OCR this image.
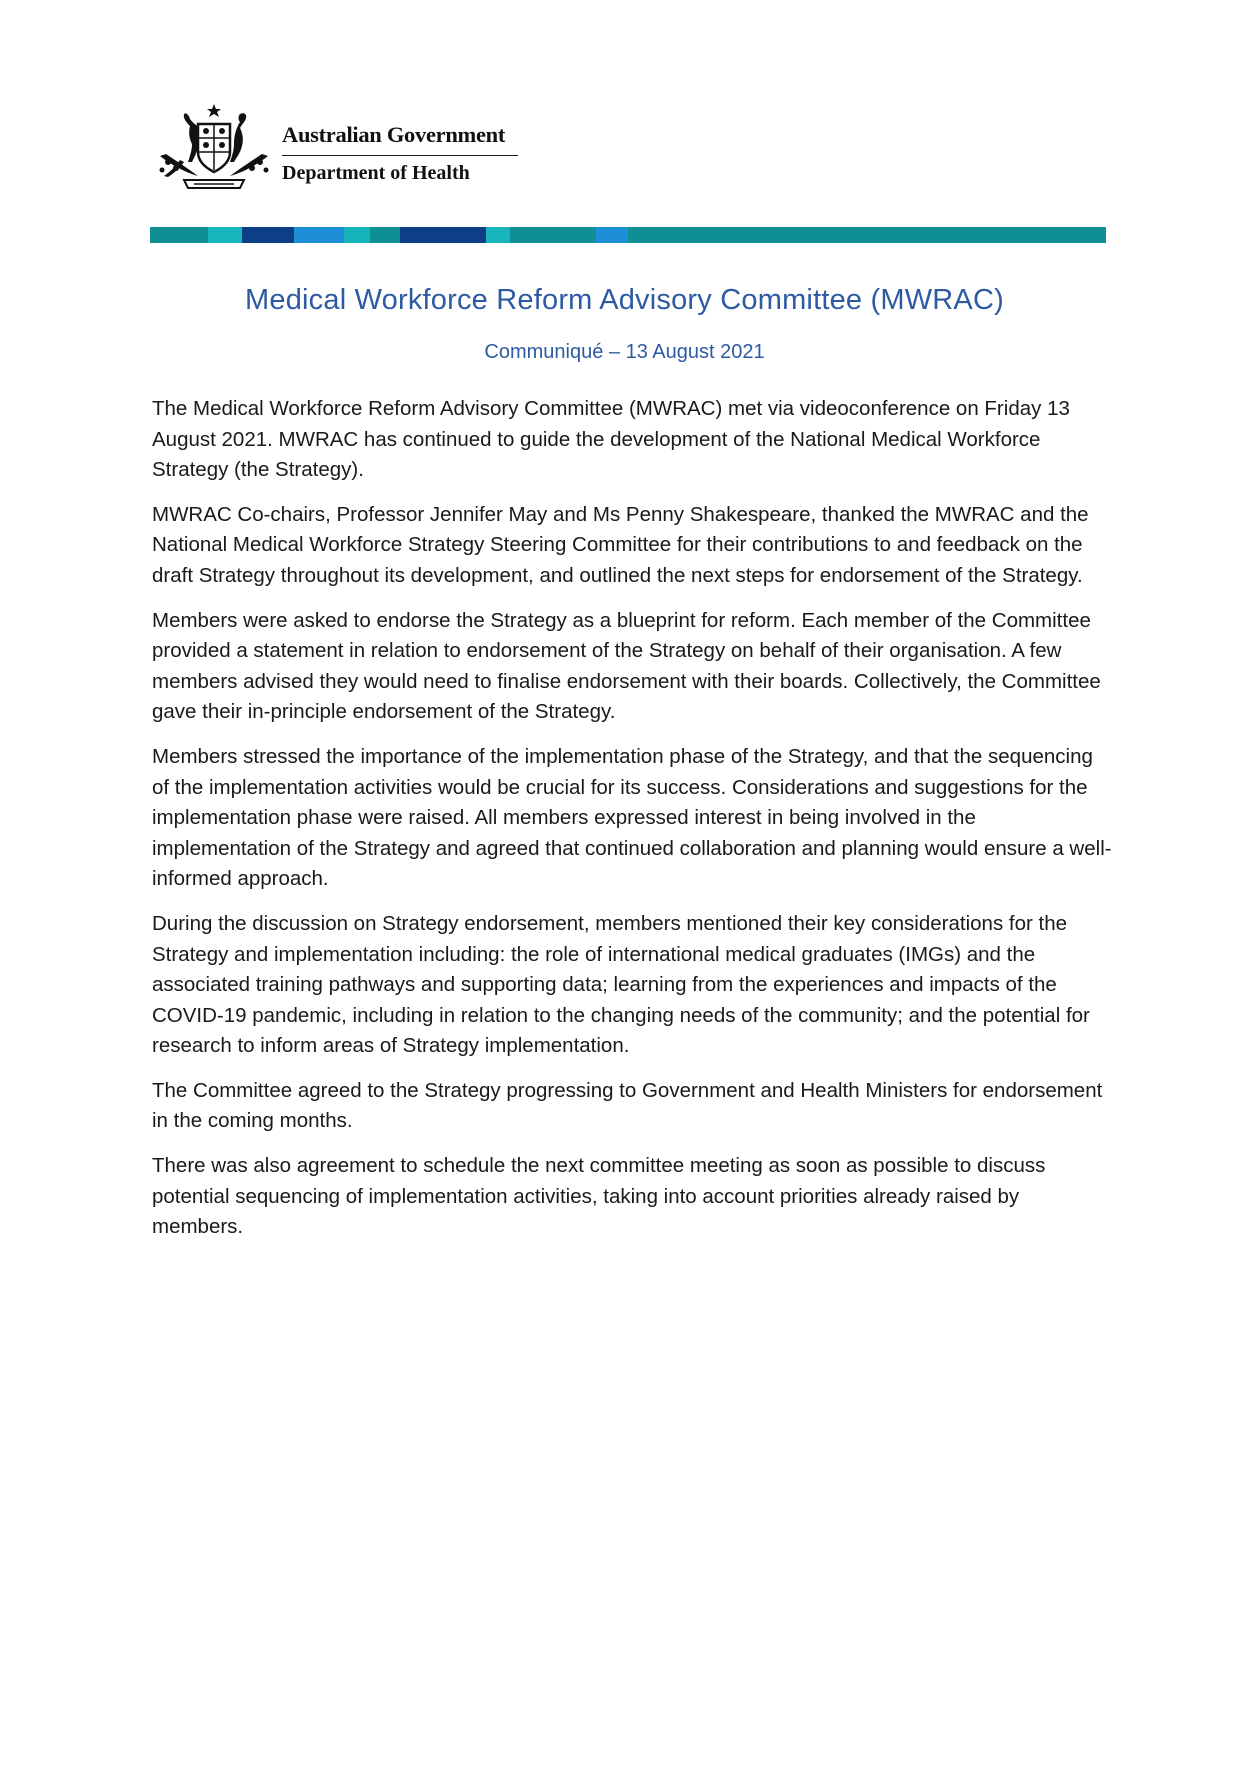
Australian Government
Department of Health
Medical Workforce Reform Advisory Committee (MWRAC)
Communiqué – 13 August 2021

The Medical Workforce Reform Advisory Committee (MWRAC) met via videoconference on Friday 13 August 2021. MWRAC has continued to guide the development of the National Medical Workforce Strategy (the Strategy).

MWRAC Co-chairs, Professor Jennifer May and Ms Penny Shakespeare, thanked the MWRAC and the National Medical Workforce Strategy Steering Committee for their contributions to and feedback on the draft Strategy throughout its development, and outlined the next steps for endorsement of the Strategy.

Members were asked to endorse the Strategy as a blueprint for reform. Each member of the Committee provided a statement in relation to endorsement of the Strategy on behalf of their organisation. A few members advised they would need to finalise endorsement with their boards. Collectively, the Committee gave their in-principle endorsement of the Strategy.

Members stressed the importance of the implementation phase of the Strategy, and that the sequencing of the implementation activities would be crucial for its success. Considerations and suggestions for the implementation phase were raised. All members expressed interest in being involved in the implementation of the Strategy and agreed that continued collaboration and planning would ensure a well-informed approach.

During the discussion on Strategy endorsement, members mentioned their key considerations for the Strategy and implementation including: the role of international medical graduates (IMGs) and the associated training pathways and supporting data; learning from the experiences and impacts of the COVID-19 pandemic, including in relation to the changing needs of the community; and the potential for research to inform areas of Strategy implementation.

The Committee agreed to the Strategy progressing to Government and Health Ministers for endorsement in the coming months.

There was also agreement to schedule the next committee meeting as soon as possible to discuss potential sequencing of implementation activities, taking into account priorities already raised by members.
